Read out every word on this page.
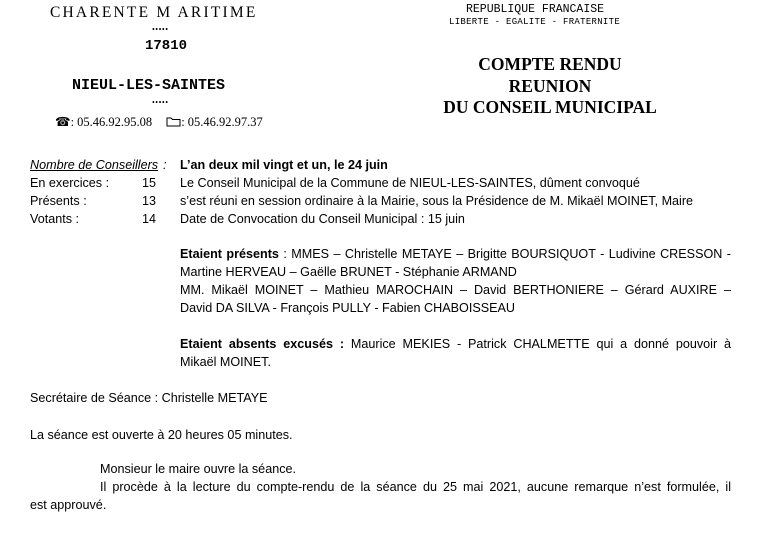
CHARENTE M ARITIME
•••••
17810
NIEUL-LES-SAINTES
•••••
☎: 05.46.92.95.08 : 05.46.92.97.37
REPUBLIQUE FRANCAISE
LIBERTE - EGALITE - FRATERNITE
COMPTE RENDU
REUNION
DU CONSEIL MUNICIPAL
Nombre de Conseillers :
En exercices :	15
Présents :	13
Votants :	14
L’an deux mil vingt et un, le 24 juin
Le Conseil Municipal de la Commune de NIEUL-LES-SAINTES, dûment convoqué
s’est réuni en session ordinaire à la Mairie, sous la Présidence de M. Mikaël MOINET, Maire
Date de Convocation du Conseil Municipal : 15 juin
Etaient présents : MMES – Christelle METAYE – Brigitte BOURSIQUOT - Ludivine CRESSON -
Martine HERVEAU – Gaëlle BRUNET - Stéphanie ARMAND
MM. Mikaël MOINET – Mathieu MAROCHAIN – David BERTHONIERE – Gérard AUXIRE –
David DA SILVA - François PULLY - Fabien CHABOISSEAU
Etaient absents excusés : Maurice MEKIES - Patrick CHALMETTE qui a donné pouvoir à
Mikaël MOINET.
Secrétaire de Séance : Christelle METAYE
La séance est ouverte à 20 heures 05 minutes.
Monsieur le maire ouvre la séance.
Il procède à la lecture du compte-rendu de la séance du 25 mai 2021, aucune remarque n’est formulée, il
est approuvé.
